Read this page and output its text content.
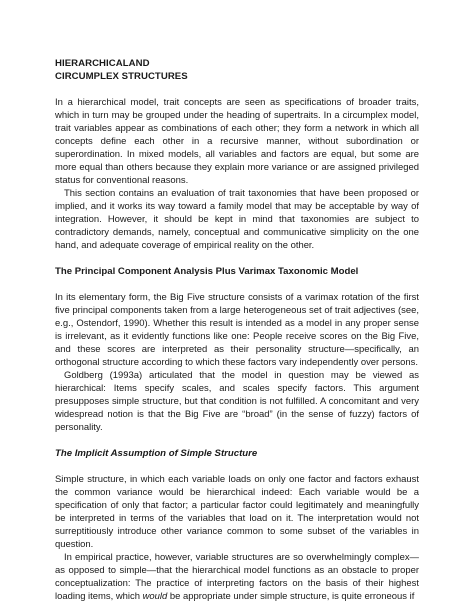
HIERARCHICALAND
CIRCUMPLEX STRUCTURES

In a hierarchical model, trait concepts are seen as specifications of broader traits, which in turn may be grouped under the heading of supertraits. In a circumplex model, trait variables appear as combinations of each other; they form a network in which all concepts define each other in a recursive manner, without subordination or superordination. In mixed models, all variables and factors are equal, but some are more equal than others because they explain more variance or are assigned privileged status for conventional reasons.

This section contains an evaluation of trait taxonomies that have been proposed or implied, and it works its way toward a family model that may be acceptable by way of integration. However, it should be kept in mind that taxonomies are subject to contradictory demands, namely, conceptual and communicative simplicity on the one hand, and adequate coverage of empirical reality on the other.

The Principal Component Analysis Plus Varimax Taxonomic Model

In its elementary form, the Big Five structure consists of a varimax rotation of the first five principal components taken from a large heterogeneous set of trait adjectives (see, e.g., Ostendorf, 1990). Whether this result is intended as a model in any proper sense is irrelevant, as it evidently functions like one: People receive scores on the Big Five, and these scores are interpreted as their personality structure—specifically, an orthogonal structure according to which these factors vary independently over persons.

Goldberg (1993a) articulated that the model in question may be viewed as hierarchical: Items specify scales, and scales specify factors. This argument presupposes simple structure, but that condition is not fulfilled. A concomitant and very widespread notion is that the Big Five are “broad” (in the sense of fuzzy) factors of personality.

The Implicit Assumption of Simple Structure

Simple structure, in which each variable loads on only one factor and factors exhaust the common variance would be hierarchical indeed: Each variable would be a specification of only that factor; a particular factor could legitimately and meaningfully be interpreted in terms of the variables that load on it. The interpretation would not surreptitiously introduce other variance common to some subset of the variables in question.

In empirical practice, however, variable structures are so overwhelmingly complex—as opposed to simple—that the hierarchical model functions as an obstacle to proper conceptualization: The practice of interpreting factors on the basis of their highest loading items, which would be appropriate under simple structure, is quite erroneous if
